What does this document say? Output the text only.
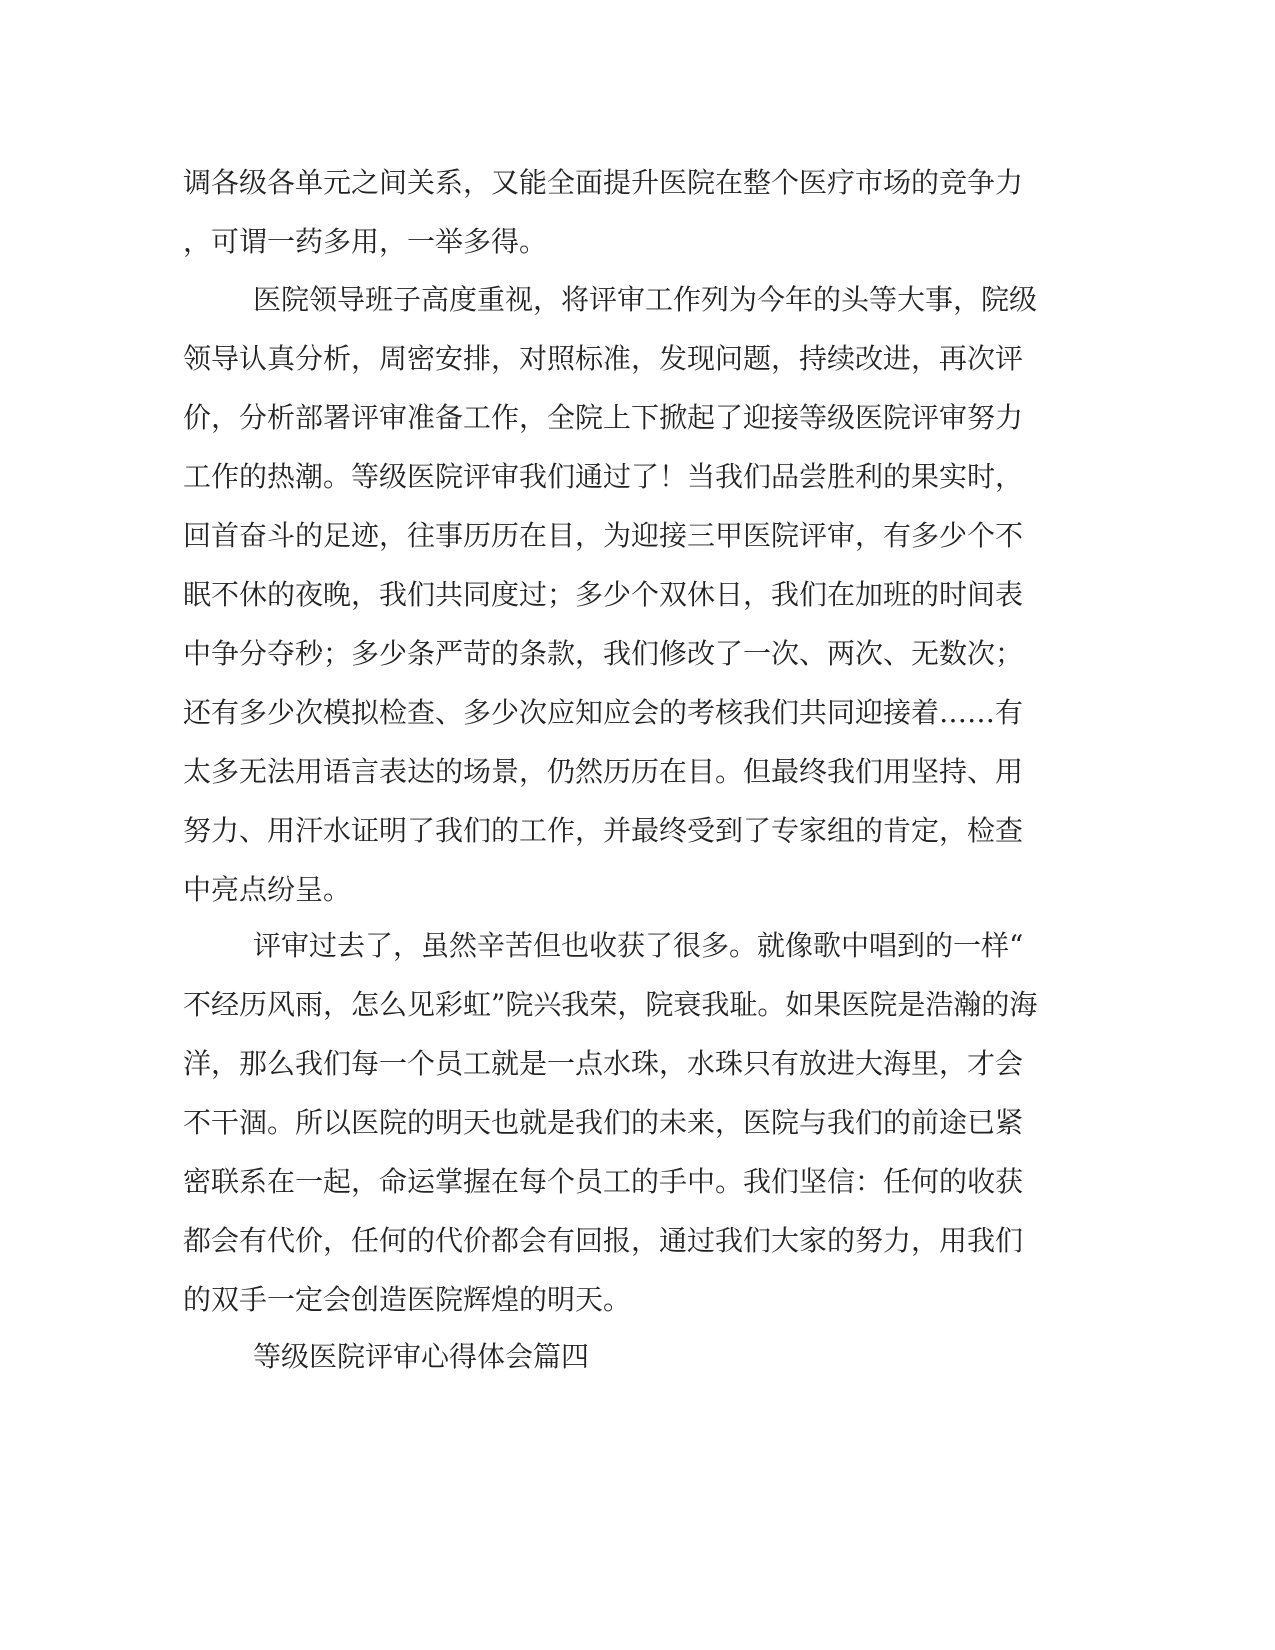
调各级各单元之间关系，又能全面提升医院在整个医疗市场的竞争力
，可谓一药多用，一举多得。
医院领导班子高度重视，将评审工作列为今年的头等大事，院级
领导认真分析，周密安排，对照标准，发现问题，持续改进，再次评
价，分析部署评审准备工作，全院上下掀起了迎接等级医院评审努力
工作的热潮。等级医院评审我们通过了！当我们品尝胜利的果实时，
回首奋斗的足迹，往事历历在目，为迎接三甲医院评审，有多少个不
眠不休的夜晚，我们共同度过；多少个双休日，我们在加班的时间表
中争分夺秒；多少条严苛的条款，我们修改了一次、两次、无数次；
还有多少次模拟检查、多少次应知应会的考核我们共同迎接着……有
太多无法用语言表达的场景，仍然历历在目。但最终我们用坚持、用
努力、用汗水证明了我们的工作，并最终受到了专家组的肯定，检查
中亮点纷呈。
评审过去了，虽然辛苦但也收获了很多。就像歌中唱到的一样“
不经历风雨，怎么见彩虹”院兴我荣，院衰我耻。如果医院是浩瀚的海
洋，那么我们每一个员工就是一点水珠，水珠只有放进大海里，才会
不干涸。所以医院的明天也就是我们的未来，医院与我们的前途已紧
密联系在一起，命运掌握在每个员工的手中。我们坚信：任何的收获
都会有代价，任何的代价都会有回报，通过我们大家的努力，用我们
的双手一定会创造医院辉煌的明天。
等级医院评审心得体会篇四
